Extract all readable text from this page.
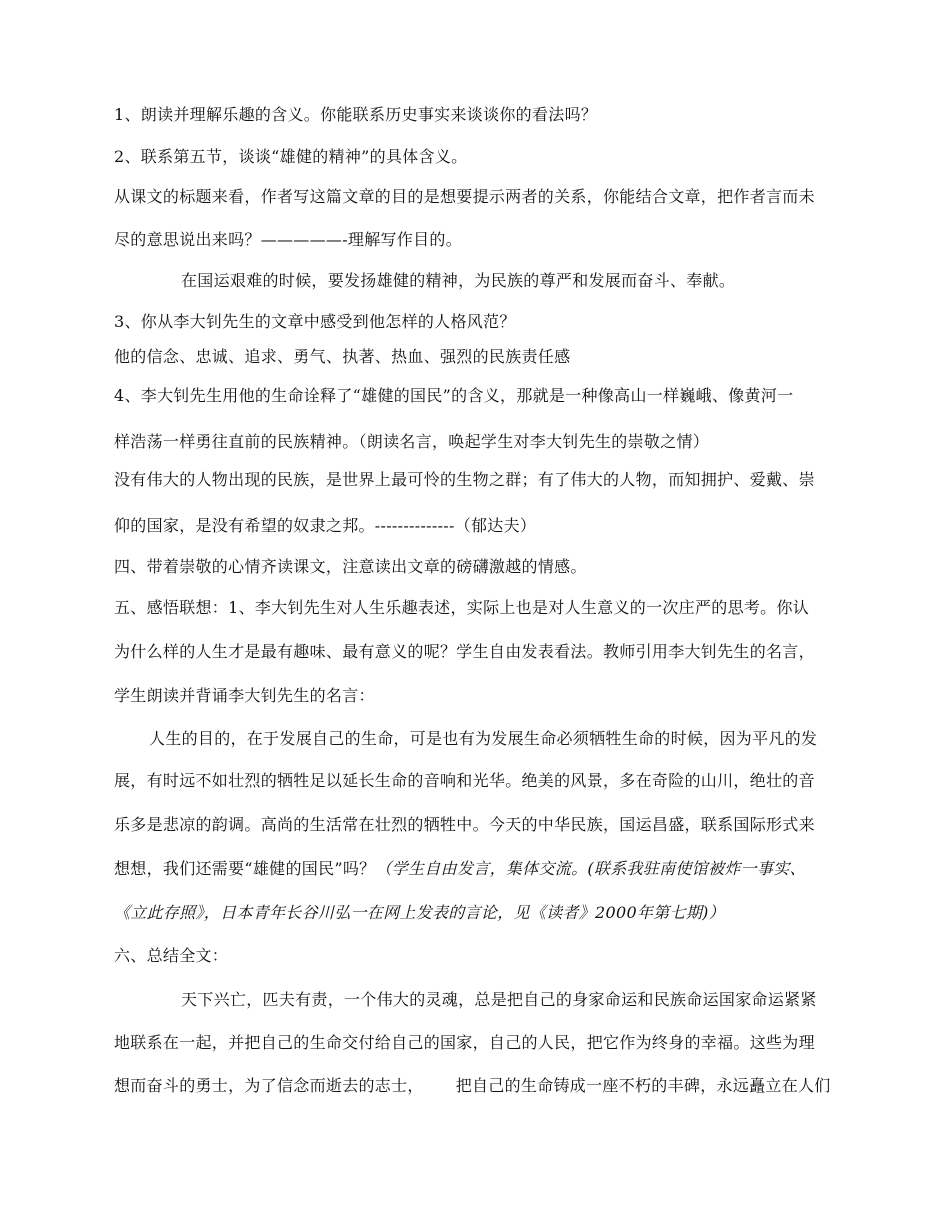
1、朗读并理解乐趣的含义。你能联系历史事实来谈谈你的看法吗？
2、联系第五节，谈谈“雄健的精神”的具体含义。
从课文的标题来看，作者写这篇文章的目的是想要提示两者的关系，你能结合文章，把作者言而未
尽的意思说出来吗？—————-理解写作目的。
在国运艰难的时候，要发扬雄健的精神，为民族的尊严和发展而奋斗、奉献。
3、你从李大钊先生的文章中感受到他怎样的人格风范？
他的信念、忠诚、追求、勇气、执著、热血、强烈的民族责任感
4、李大钊先生用他的生命诠释了“雄健的国民”的含义，那就是一种像高山一样巍峨、像黄河一
样浩荡一样勇往直前的民族精神。（朗读名言，唤起学生对李大钊先生的崇敬之情）
没有伟大的人物出现的民族，是世界上最可怜的生物之群；有了伟大的人物，而知拥护、爱戴、崇
仰的国家，是没有希望的奴隶之邦。--------------（郁达夫）
四、带着崇敬的心情齐读课文，注意读出文章的磅礴激越的情感。
五、感悟联想：1、李大钊先生对人生乐趣表述，实际上也是对人生意义的一次庄严的思考。你认
为什么样的人生才是最有趣味、最有意义的呢？学生自由发表看法。教师引用李大钊先生的名言，
学生朗读并背诵李大钊先生的名言：
人生的目的，在于发展自己的生命，可是也有为发展生命必须牺牲生命的时候，因为平凡的发
展，有时远不如壮烈的牺牲足以延长生命的音响和光华。绝美的风景，多在奇险的山川，绝壮的音
乐多是悲凉的韵调。高尚的生活常在壮烈的牺牲中。今天的中华民族，国运昌盛，联系国际形式来
想想，我们还需要“雄健的国民”吗？（学生自由发言，集体交流。(联系我驻南使馆被炸一事实、
《立此存照》，日本青年长谷川弘一在网上发表的言论，见《读者》2000年第七期)）
六、总结全文：
天下兴亡，匹夫有责，一个伟大的灵魂，总是把自己的身家命运和民族命运国家命运紧紧
地联系在一起，并把自己的生命交付给自己的国家，自己的人民，把它作为终身的幸福。这些为理
想而奋斗的勇士，为了信念而逝去的志士， 把自己的生命铸成一座不朽的丰碑，永远矗立在人们
